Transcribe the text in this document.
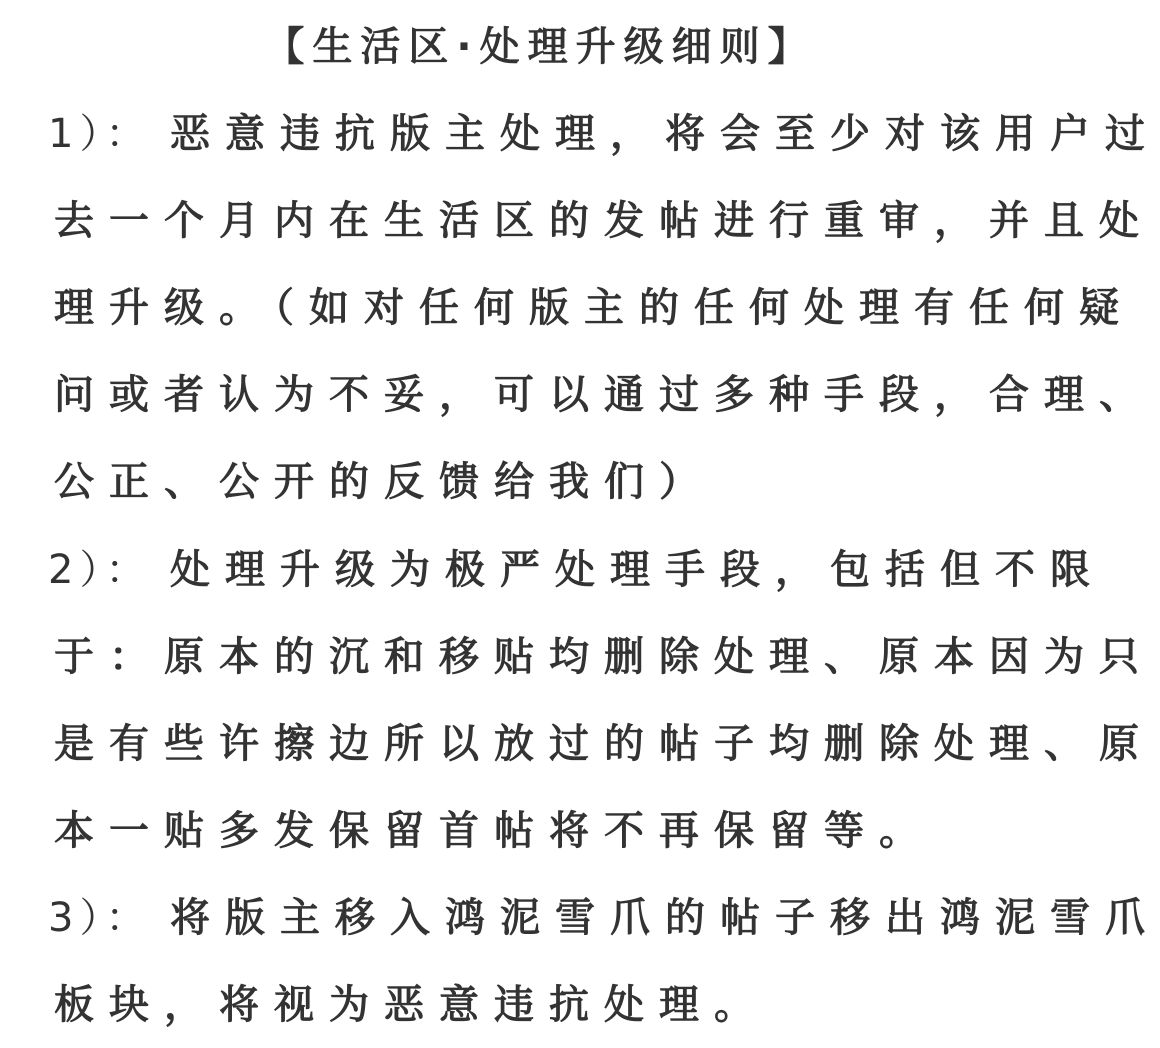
【生活区·处理升级细则】
1）： 恶意违抗版主处理，将会至少对该用户过
去一个月内在生活区的发帖进行重审，并且处
理升级。（如对任何版主的任何处理有任何疑
问或者认为不妥，可以通过多种手段，合理、
公正、公开的反馈给我们）
2）： 处理升级为极严处理手段，包括但不限
于：原本的沉和移贴均删除处理、原本因为只
是有些许擦边所以放过的帖子均删除处理、原
本一贴多发保留首帖将不再保留等。
3）： 将版主移入鸿泥雪爪的帖子移出鸿泥雪爪
板块，将视为恶意违抗处理。
